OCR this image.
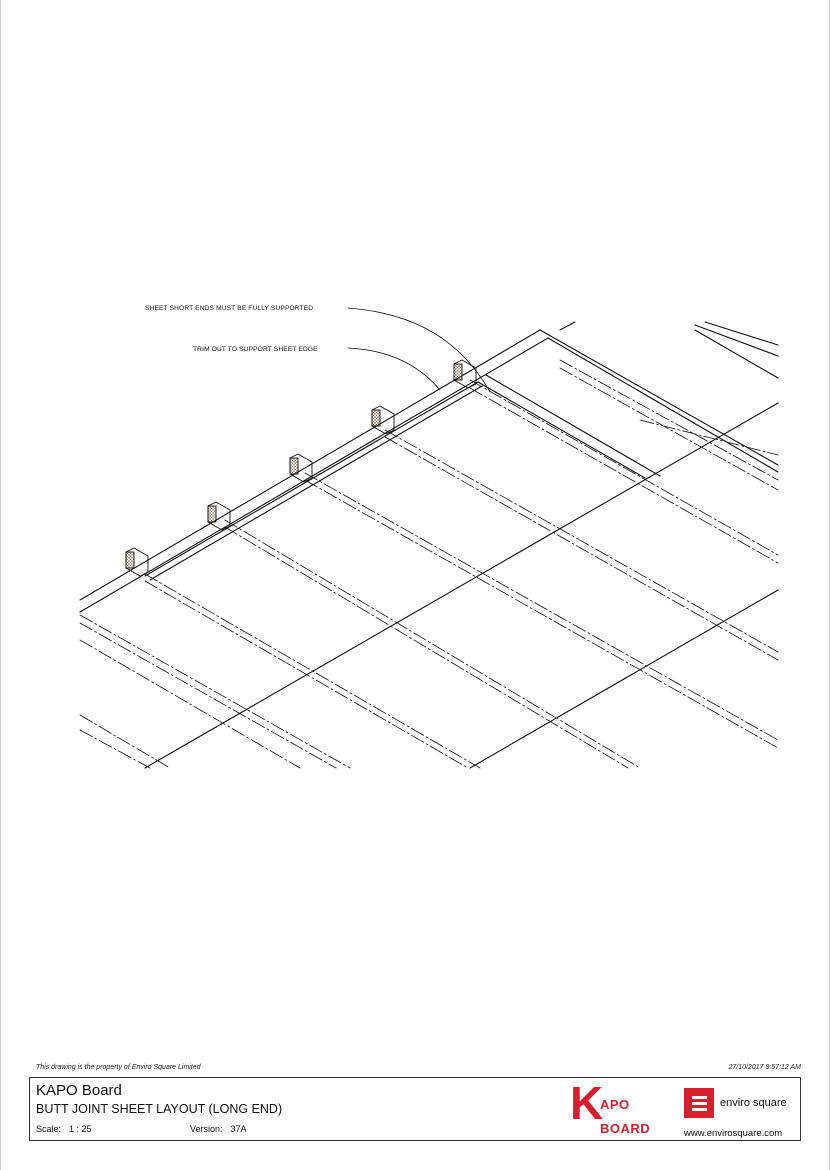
SHEET SHORT ENDS MUST BE FULLY SUPPORTED
TRIM OUT TO SUPPORT SHEET EDGE
This drawing is the property of Enviro Square Limited	27/10/2017 9:57:12 AM
KAPO Board
BUTT JOINT SHEET LAYOUT (LONG END)
Scale: 1 : 25	Version: 37A	K
APO
BOARD
enviro square
www.envirosquare.com
